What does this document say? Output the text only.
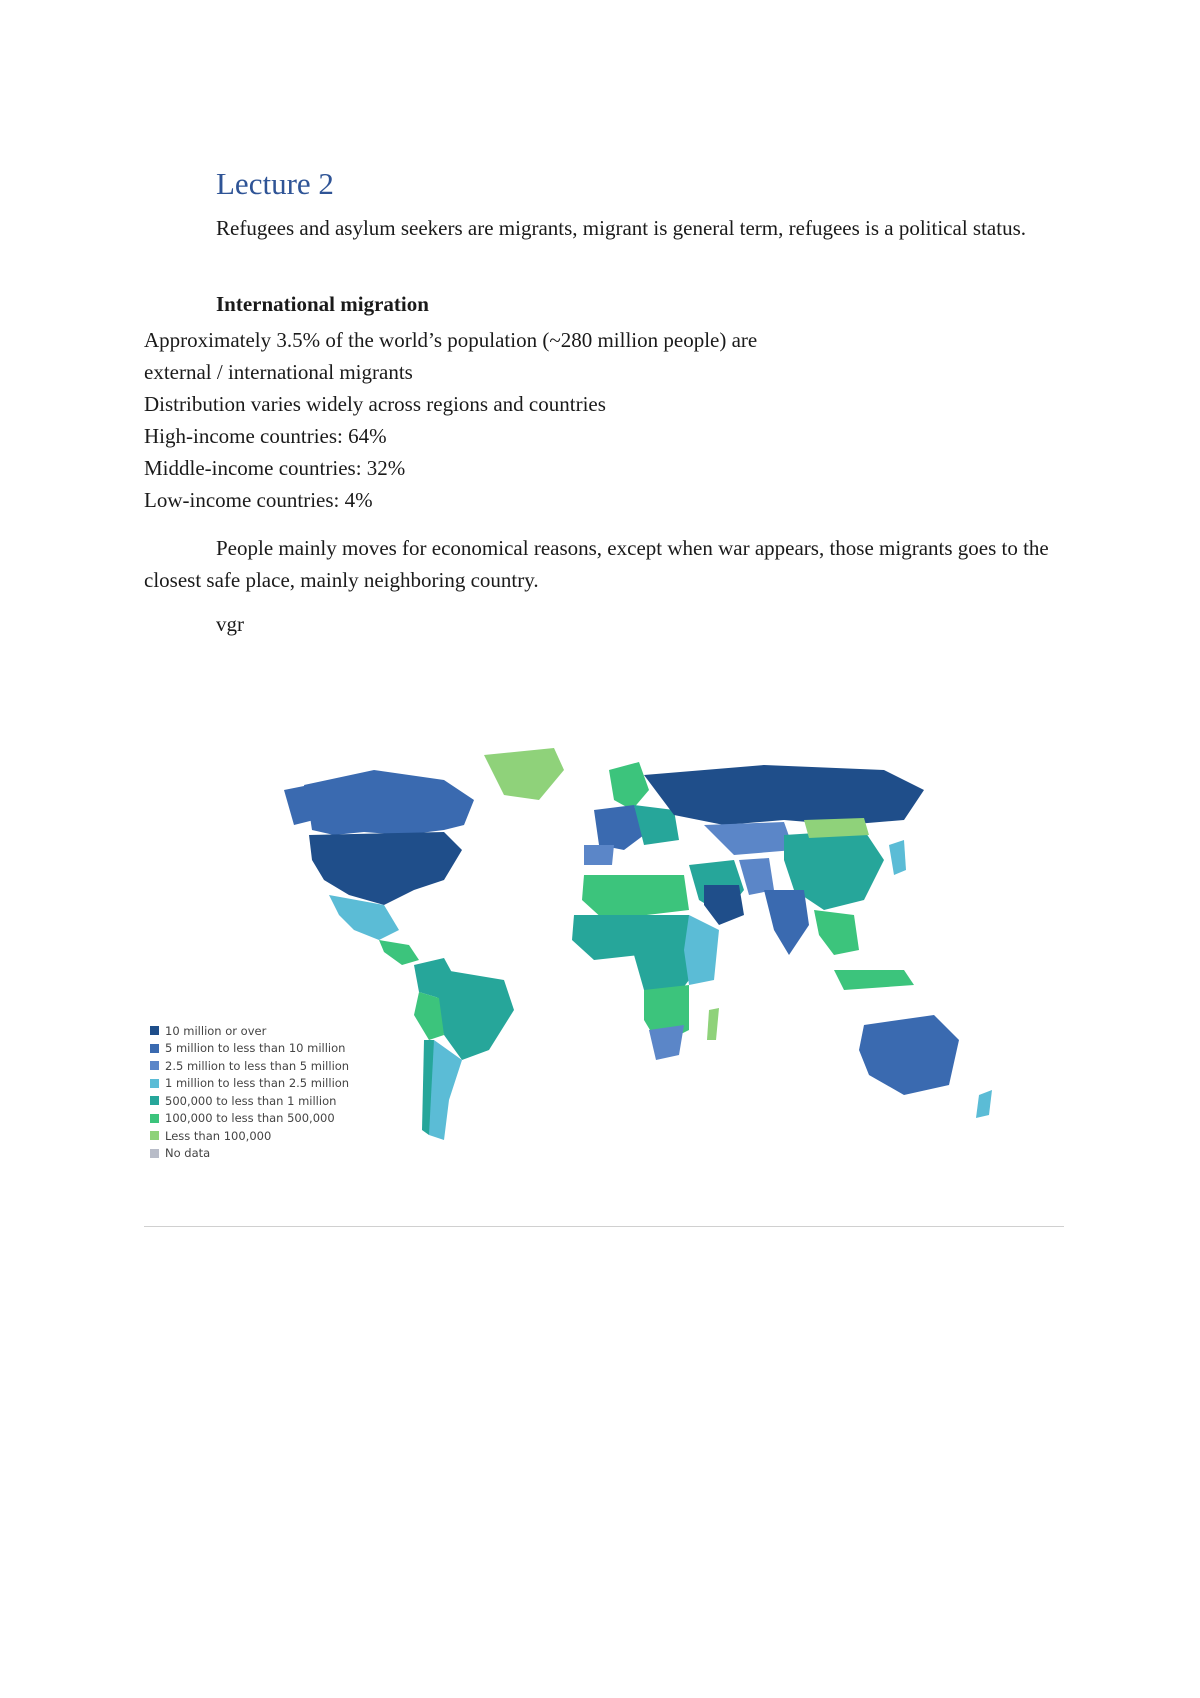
Lecture 2

Refugees and asylum seekers are migrants, migrant is general term, refugees is a political status.

International migration
Approximately 3.5% of the world’s population (~280 million people) are
external / international migrants
Distribution varies widely across regions and countries
High-income countries: 64%
Middle-income countries: 32%
Low-income countries: 4%

People mainly moves for economical reasons, except when war appears, those migrants goes to the closest safe place, mainly neighboring country.

vgr

10 million or over
5 million to less than 10 million
2.5 million to less than 5 million
1 million to less than 2.5 million
500,000 to less than 1 million
100,000 to less than 500,000
Less than 100,000
No data
